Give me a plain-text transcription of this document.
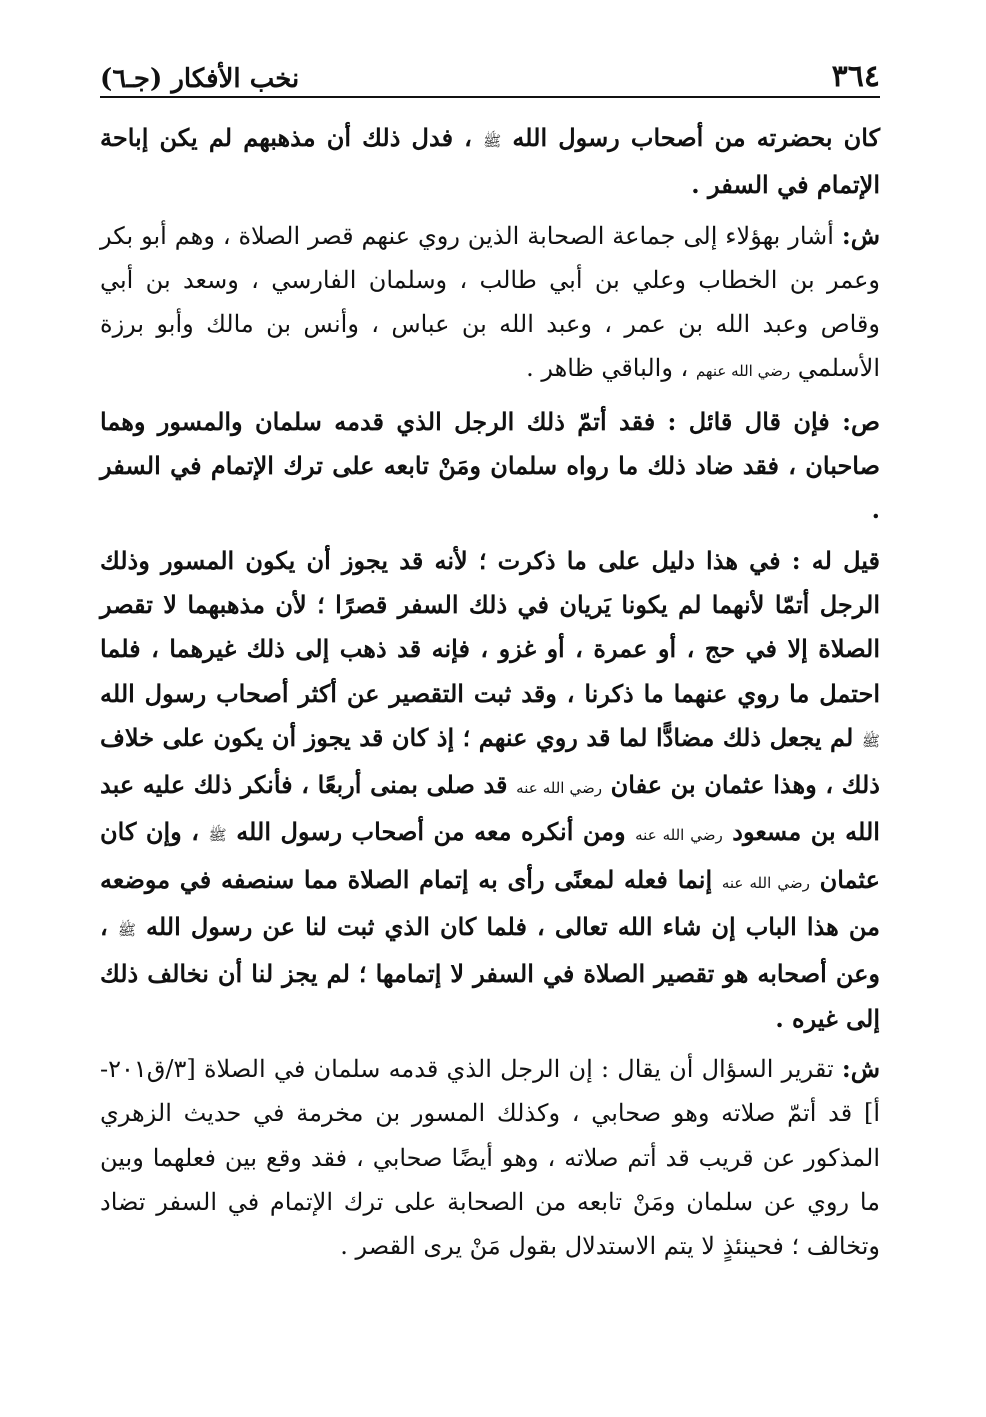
٣٦٤
نخب الأفكار (جـ٦)

كان بحضرته من أصحاب رسول الله ﷺ ، فدل ذلك أن مذهبهم لم يكن إباحة الإتمام في السفر .

ش: أشار بهؤلاء إلى جماعة الصحابة الذين روي عنهم قصر الصلاة ، وهم أبو بكر وعمر بن الخطاب وعلي بن أبي طالب ، وسلمان الفارسي ، وسعد بن أبي وقاص وعبد الله بن عمر ، وعبد الله بن عباس ، وأنس بن مالك وأبو برزة الأسلمي رضي الله عنهم ، والباقي ظاهر .

ص: فإن قال قائل : فقد أتمّ ذلك الرجل الذي قدمه سلمان والمسور وهما صاحبان ، فقد ضاد ذلك ما رواه سلمان ومَنْ تابعه على ترك الإتمام في السفر .

قيل له : في هذا دليل على ما ذكرت ؛ لأنه قد يجوز أن يكون المسور وذلك الرجل أتمّا لأنهما لم يكونا يَريان في ذلك السفر قصرًا ؛ لأن مذهبهما لا تقصر الصلاة إلا في حج ، أو عمرة ، أو غزو ، فإنه قد ذهب إلى ذلك غيرهما ، فلما احتمل ما روي عنهما ما ذكرنا ، وقد ثبت التقصير عن أكثر أصحاب رسول الله ﷺ لم يجعل ذلك مضادًّا لما قد روي عنهم ؛ إذ كان قد يجوز أن يكون على خلاف ذلك ، وهذا عثمان بن عفان رضي الله عنه قد صلى بمنى أربعًا ، فأنكر ذلك عليه عبد الله بن مسعود رضي الله عنه ومن أنكره معه من أصحاب رسول الله ﷺ ، وإن كان عثمان رضي الله عنه إنما فعله لمعنًى رأى به إتمام الصلاة مما سنصفه في موضعه من هذا الباب إن شاء الله تعالى ، فلما كان الذي ثبت لنا عن رسول الله ﷺ ، وعن أصحابه هو تقصير الصلاة في السفر لا إتمامها ؛ لم يجز لنا أن نخالف ذلك إلى غيره .

ش: تقرير السؤال أن يقال : إن الرجل الذي قدمه سلمان في الصلاة [٣/ق٢٠١-أ] قد أتمّ صلاته وهو صحابي ، وكذلك المسور بن مخرمة في حديث الزهري المذكور عن قريب قد أتم صلاته ، وهو أيضًا صحابي ، فقد وقع بين فعلهما وبين ما روي عن سلمان ومَنْ تابعه من الصحابة على ترك الإتمام في السفر تضاد وتخالف ؛ فحينئذٍ لا يتم الاستدلال بقول مَنْ يرى القصر .
